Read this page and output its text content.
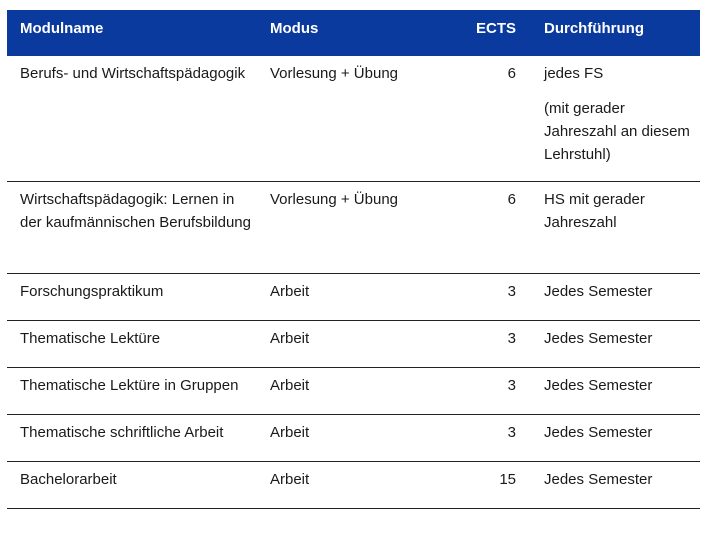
Modulname	Modus	ECTS	Durchführung
Berufs- und Wirtschaftspädagogik	Vorlesung + Übung	6	jedes FS
(mit gerader Jahreszahl an diesem Lehrstuhl)

Wirtschaftspädagogik: Lernen in der kaufmännischen Berufsbildung	Vorlesung + Übung	6	HS mit gerader Jahreszahl
Forschungspraktikum	Arbeit	3	Jedes Semester
Thematische Lektüre	Arbeit	3	Jedes Semester
Thematische Lektüre in Gruppen	Arbeit	3	Jedes Semester
Thematische schriftliche Arbeit	Arbeit	3	Jedes Semester
Bachelorarbeit	Arbeit	15	Jedes Semester
